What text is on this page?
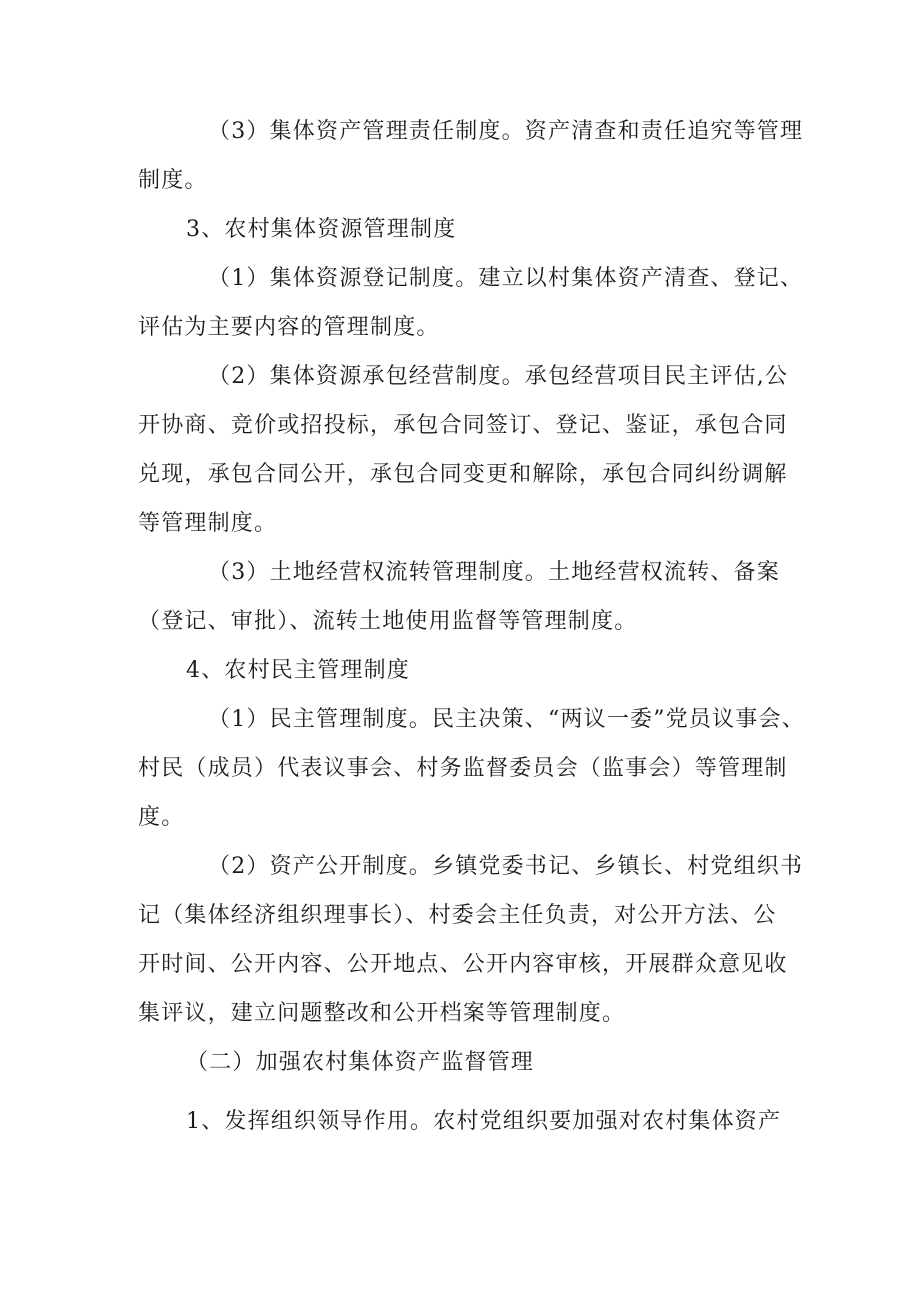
（3）集体资产管理责任制度。资产清查和责任追究等管理
制度。
3、农村集体资源管理制度
（1）集体资源登记制度。建立以村集体资产清查、登记、
评估为主要内容的管理制度。
（2）集体资源承包经营制度。承包经营项目民主评估,公
开协商、竞价或招投标，承包合同签订、登记、鉴证，承包合同
兑现，承包合同公开，承包合同变更和解除，承包合同纠纷调解
等管理制度。
（3）土地经营权流转管理制度。土地经营权流转、备案
（登记、审批）、流转土地使用监督等管理制度。
4、农村民主管理制度
（1）民主管理制度。民主决策、“两议一委”党员议事会、
村民（成员）代表议事会、村务监督委员会（监事会）等管理制
度。
（2）资产公开制度。乡镇党委书记、乡镇长、村党组织书
记（集体经济组织理事长）、村委会主任负责，对公开方法、公
开时间、公开内容、公开地点、公开内容审核，开展群众意见收
集评议，建立问题整改和公开档案等管理制度。
（二）加强农村集体资产监督管理
1、发挥组织领导作用。农村党组织要加强对农村集体资产
